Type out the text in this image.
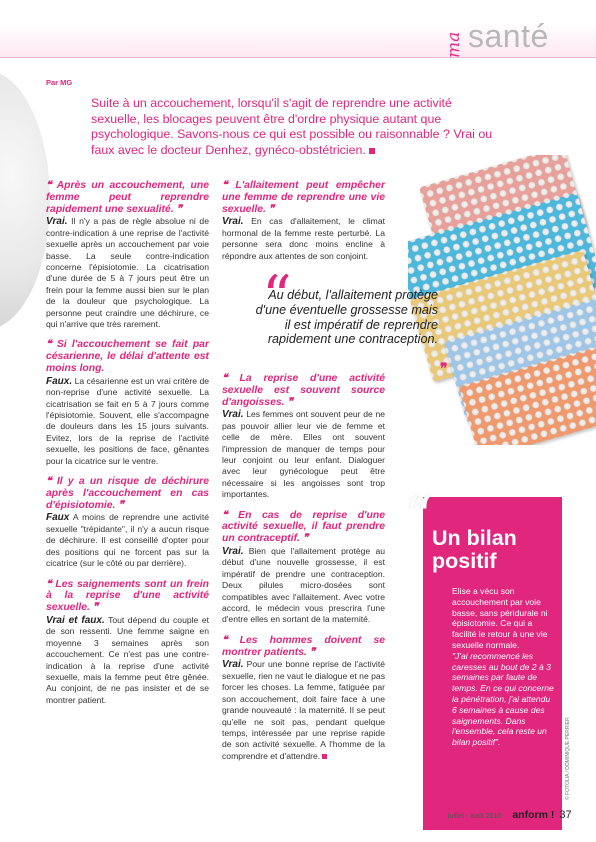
ma santé
Par MG
Suite à un accouchement, lorsqu'il s'agit de reprendre une activité sexuelle, les blocages peuvent être d'ordre physique autant que psychologique. Savons-nous ce qui est possible ou raisonnable ? Vrai ou faux avec le docteur Denhez, gynéco-obstétricien.
❝ Après un accouchement, une femme peut reprendre rapidement une sexualité. ❞
Vrai. Il n'y a pas de règle absolue ni de contre-indication à une reprise de l'activité sexuelle après un accouchement par voie basse. La seule contre-indication concerne l'épisiotomie. La cicatrisation d'une durée de 5 à 7 jours peut être un frein pour la femme aussi bien sur le plan de la douleur que psychologique. La personne peut craindre une déchirure, ce qui n'arrive que très rarement.
❝ Si l'accouchement se fait par césarienne, le délai d'attente est moins long.
Faux. La césarienne est un vrai critère de non-reprise d'une activité sexuelle. La cicatrisation se fait en 5 à 7 jours comme l'épisiotomie. Souvent, elle s'accompagne de douleurs dans les 15 jours suivants. Evitez, lors de la reprise de l'activité sexuelle, les positions de face, gênantes pour la cicatrice sur le ventre.
❝ Il y a un risque de déchirure après l'accouchement en cas d'épisiotomie. ❞
Faux A moins de reprendre une activité sexuelle "trépidante", il n'y a aucun risque de déchirure. Il est conseillé d'opter pour des positions qui ne forcent pas sur la cicatrice (sur le côté ou par derrière).
❝ Les saignements sont un frein à la reprise d'une activité sexuelle. ❞
Vrai et faux. Tout dépend du couple et de son ressenti. Une femme saigne en moyenne 3 semaines après son accouchement. Ce n'est pas une contre-indication à la reprise d'une activité sexuelle, mais la femme peut être gênée. Au conjoint, de ne pas insister et de se montrer patient.
❝ L'allaitement peut empêcher une femme de reprendre une vie sexuelle. ❞
Vrai. En cas d'allaitement, le climat hormonal de la femme reste perturbé. La personne sera donc moins encline à répondre aux attentes de son conjoint.
❝ La reprise d'une activité sexuelle est souvent source d'angoisses. ❞
Vrai. Les femmes ont souvent peur de ne pas pouvoir allier leur vie de femme et celle de mère. Elles ont souvent l'impression de manquer de temps pour leur conjoint ou leur enfant. Dialoguer avec leur gynécologue peut être nécessaire si les angoisses sont trop importantes.
❝ En cas de reprise d'une activité sexuelle, il faut prendre un contraceptif. ❞
Vrai. Bien que l'allaitement protège au début d'une nouvelle grossesse, il est impératif de prendre une contraception. Deux pilules micro-dosées sont compatibles avec l'allaitement. Avec votre accord, le médecin vous prescrira l'une d'entre elles en sortant de la maternité.
❝ Les hommes doivent se montrer patients. ❞
Vrai. Pour une bonne reprise de l'activité sexuelle, rien ne vaut le dialogue et ne pas forcer les choses. La femme, fatiguée par son accouchement, doit faire face à une grande nouveauté : la maternité. Il se peut qu'elle ne soit pas, pendant quelque temps, intéressée par une reprise rapide de son activité sexuelle. A l'homme de la comprendre et d'attendre.
“
Au début, l'allaitement protège d'une éventuelle grossesse mais il est impératif de reprendre rapidement une contraception.
❞
“
Un bilan positif
Elise a vécu son accouchement par voie basse, sans péridurale ni épisiotomie. Ce qui a facilité le retour à une vie sexuelle normale.
"J'ai recommencé les caresses au bout de 2 à 3 semaines par faute de temps. En ce qui concerne la pénétration, j'ai attendu 6 semaines à cause des saignements. Dans l'ensemble, cela reste un bilan positif".	© FOTOLIA / DOMINIQUE PERRIER
juillet - août 2010 anform ! 37
